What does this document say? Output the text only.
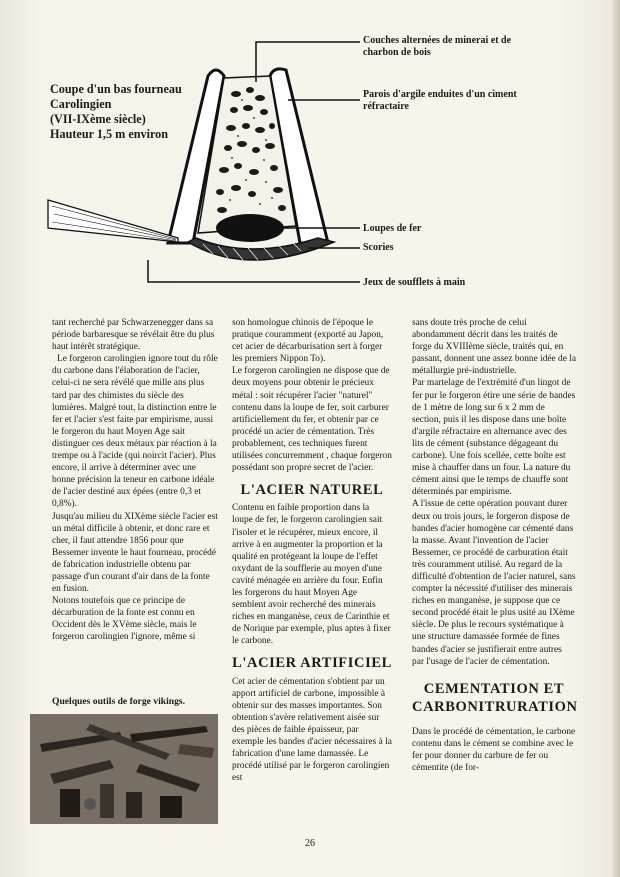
Coupe d'un bas fourneau
Carolingien
(VII-IXème siècle)
Hauteur 1,5 m environ
Couches alternées de minerai et de
charbon de bois
Parois d'argile enduites d'un ciment
réfractaire
Loupes de fer
Scories
Jeux de soufflets à main

tant recherché par Schwarzenegger dans sa période barbaresque se révélait être du plus haut intérêt stratégique.

Le forgeron carolingien ignore tout du rôle du carbone dans l'élaboration de l'acier, celui-ci ne sera révélé que mille ans plus tard par des chimistes du siècle des lumières. Malgré tout, la distinction entre le fer et l'acier s'est faite par empirisme, aussi le forgeron du haut Moyen Age sait distinguer ces deux métaux par réaction à la trempe ou à l'acide (qui noircit l'acier). Plus encore, il arrive à déterminer avec une bonne précision la teneur en carbone idéale de l'acier destiné aux épées (entre 0,3 et 0,8%).

Jusqu'au milieu du XIXème siècle l'acier est un métal difficile à obtenir, et donc rare et cher, il faut attendre 1856 pour que Bessemer invente le haut fourneau, procédé de fabrication industrielle obtenu par passage d'un courant d'air dans de la fonte en fusion.

Notons toutefois que ce principe de décarburation de la fonte est connu en Occident dès le XVème siècle, mais le forgeron carolingien l'ignore, même si

Quelques outils de forge vikings.

son homologue chinois de l'époque le pratique couramment (exporté au Japon, cet acier de décarburisation sert à forger les premiers Nippon To).

Le forgeron carolingien ne dispose que de deux moyens pour obtenir le précieux métal : soit récupérer l'acier "naturel" contenu dans la loupe de fer, soit carburer artificiellement du fer, et obtenir par ce procédé un acier de cémentation. Très probablement, ces techniques furent utilisées concurremment , chaque forgeron possédant son propre secret de l'acier.

L'ACIER NATUREL

Contenu en faible proportion dans la loupe de fer, le forgeron carolingien sait l'isoler et le récupérer, mieux encore, il arrive à en augmenter la proportion et la qualité en protégeant la loupe de l'effet oxydant de la soufflerie au moyen d'une cavité ménagée en arrière du four. Enfin les forgerons du haut Moyen Age semblent avoir recherché des minerais riches en manganèse, ceux de Carinthie et de Norique par exemple, plus aptes à fixer le carbone.

L'ACIER ARTIFICIEL

Cet acier de cémentation s'obtient par un apport artificiel de carbone, impossible à obtenir sur des masses importantes. Son obtention s'avère relativement aisée sur des pièces de faible épaisseur, par exemple les bandes d'acier nécessaires à la fabrication d'une lame damassée. Le procédé utilisé par le forgeron carolingien est

sans doute très proche de celui abondamment décrit dans les traités de forge du XVIIIème siècle, traités qui, en passant, donnent une assez bonne idée de la métallurgie pré-industrielle.

Par martelage de l'extrémité d'un lingot de fer pur le forgeron étire une série de bandes de 1 mètre de long sur 6 x 2 mm de section, puis il les dispose dans une boîte d'argile réfractaire en alternance avec des lits de cément (substance dégageant du carbone). Une fois scellée, cette boîte est mise à chauffer dans un four. La nature du cément ainsi que le temps de chauffe sont déterminés par empirisme.

A l'issue de cette opération pouvant durer deux ou trois jours, le forgeron dispose de bandes d'acier homogène car cémenté dans la masse. Avant l'invention de l'acier Bessemer, ce procédé de carburation était très couramment utilisé. Au regard de la difficulté d'obtention de l'acier naturel, sans compter la nécessité d'utiliser des minerais riches en manganèse, je suppose que ce second procédé était le plus usité au IXème siècle. De plus le recours systématique à une structure damassée formée de fines bandes d'acier se justifierait entre autres par l'usage de l'acier de cémentation.

CEMENTATION ET
CARBONITRURATION

Dans le procédé de cémentation, le carbone contenu dans le cément se combine avec le fer pour donner du carbure de fer ou cémentite (de for-

26
